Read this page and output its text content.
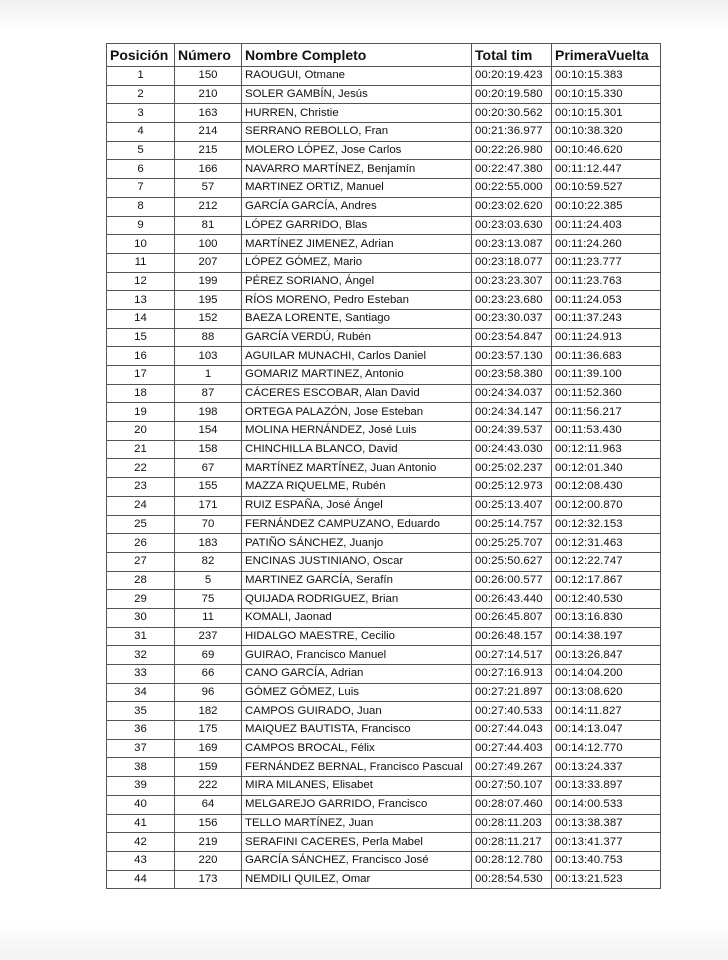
Posición	Número	Nombre Completo	Total tim	PrimeraVuelta
1	150	RAOUGUI, Otmane	00:20:19.423	00:10:15.383
2	210	SOLER GAMBÍN, Jesús	00:20:19.580	00:10:15.330
3	163	HURREN, Christie	00:20:30.562	00:10:15.301
4	214	SERRANO REBOLLO, Fran	00:21:36.977	00:10:38.320
5	215	MOLERO LÓPEZ, Jose Carlos	00:22:26.980	00:10:46.620
6	166	NAVARRO MARTÍNEZ, Benjamín	00:22:47.380	00:11:12.447
7	57	MARTINEZ ORTIZ, Manuel	00:22:55.000	00:10:59.527
8	212	GARCÍA GARCÍA, Andres	00:23:02.620	00:10:22.385
9	81	LÓPEZ GARRIDO, Blas	00:23:03.630	00:11:24.403
10	100	MARTÍNEZ JIMENEZ, Adrian	00:23:13.087	00:11:24.260
11	207	LÓPEZ GÓMEZ, Mario	00:23:18.077	00:11:23.777
12	199	PÉREZ SORIANO, Ángel	00:23:23.307	00:11:23.763
13	195	RÍOS MORENO, Pedro Esteban	00:23:23.680	00:11:24.053
14	152	BAEZA LORENTE, Santiago	00:23:30.037	00:11:37.243
15	88	GARCÍA VERDÚ, Rubén	00:23:54.847	00:11:24.913
16	103	AGUILAR MUNACHI, Carlos Daniel	00:23:57.130	00:11:36.683
17	1	GOMARIZ MARTINEZ, Antonio	00:23:58.380	00:11:39.100
18	87	CÁCERES ESCOBAR, Alan David	00:24:34.037	00:11:52.360
19	198	ORTEGA PALAZÓN, Jose Esteban	00:24:34.147	00:11:56.217
20	154	MOLINA HERNÁNDEZ, José Luis	00:24:39.537	00:11:53.430
21	158	CHINCHILLA BLANCO, David	00:24:43.030	00:12:11.963
22	67	MARTÍNEZ MARTÍNEZ, Juan Antonio	00:25:02.237	00:12:01.340
23	155	MAZZA RIQUELME, Rubén	00:25:12.973	00:12:08.430
24	171	RUIZ ESPAÑA, José Ángel	00:25:13.407	00:12:00.870
25	70	FERNÁNDEZ CAMPUZANO, Eduardo	00:25:14.757	00:12:32.153
26	183	PATIÑO SÁNCHEZ, Juanjo	00:25:25.707	00:12:31.463
27	82	ENCINAS JUSTINIANO, Oscar	00:25:50.627	00:12:22.747
28	5	MARTINEZ GARCÍA, Serafín	00:26:00.577	00:12:17.867
29	75	QUIJADA RODRIGUEZ, Brian	00:26:43.440	00:12:40.530
30	11	KOMALI, Jaonad	00:26:45.807	00:13:16.830
31	237	HIDALGO MAESTRE, Cecilio	00:26:48.157	00:14:38.197
32	69	GUIRAO, Francisco Manuel	00:27:14.517	00:13:26.847
33	66	CANO GARCÍA, Adrian	00:27:16.913	00:14:04.200
34	96	GÓMEZ GÓMEZ, Luis	00:27:21.897	00:13:08.620
35	182	CAMPOS GUIRADO, Juan	00:27:40.533	00:14:11.827
36	175	MAIQUEZ BAUTISTA, Francisco	00:27:44.043	00:14:13.047
37	169	CAMPOS BROCAL, Félix	00:27:44.403	00:14:12.770
38	159	FERNÁNDEZ BERNAL, Francisco Pascual	00:27:49.267	00:13:24.337
39	222	MIRA MILANES, Elisabet	00:27:50.107	00:13:33.897
40	64	MELGAREJO GARRIDO, Francisco	00:28:07.460	00:14:00.533
41	156	TELLO MARTÍNEZ, Juan	00:28:11.203	00:13:38.387
42	219	SERAFINI CACERES, Perla Mabel	00:28:11.217	00:13:41.377
43	220	GARCÍA SÁNCHEZ, Francisco José	00:28:12.780	00:13:40.753
44	173	NEMDILI QUILEZ, Omar	00:28:54.530	00:13:21.523
